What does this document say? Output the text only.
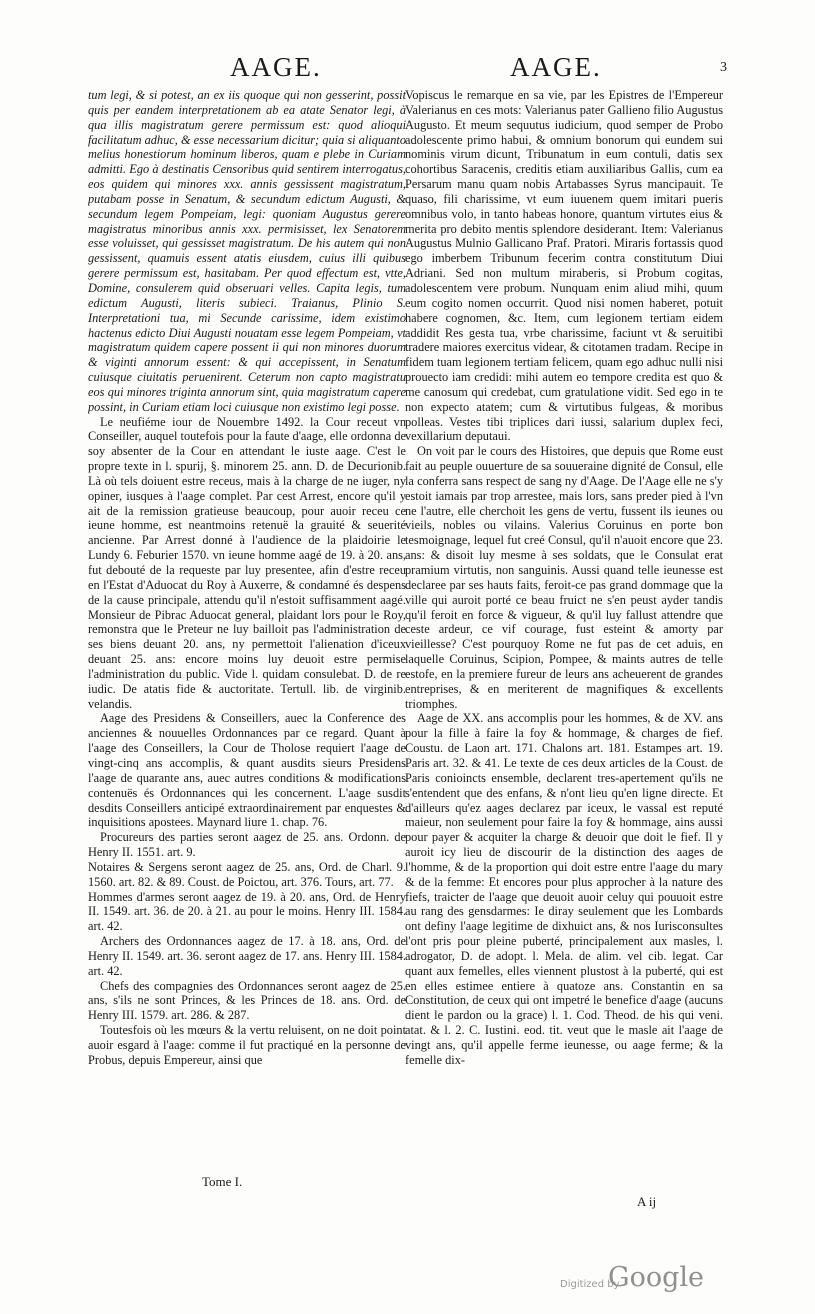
AAGE.	AAGE.	3

tum legi, & si potest, an ex iis quoque qui non gesserint, possit quis per eandem interpretationem ab ea atate Senator legi, à qua illis magistratum gerere permissum est: quod alioqui facilitatum adhuc, & esse necessarium dicitur; quia si aliquanto melius honestiorum hominum liberos, quam e plebe in Curiam admitti. Ego à destinatis Censoribus quid sentirem interrogatus, eos quidem qui minores xxx. annis gessissent magistratum, putabam posse in Senatum, & secundum edictum Augusti, & secundum legem Pompeiam, legi: quoniam Augustus gerere magistratus minoribus annis xxx. permisisset, lex Senatorem esse voluisset, qui gessisset magistratum. De his autem qui non gessissent, quamuis essent atatis eiusdem, cuius illi quibus gerere permissum est, hasitabam. Per quod effectum est, vtte, Domine, consulerem quid obseruari velles. Capita legis, tum edictum Augusti, literis subieci. Traianus, Plinio S. Interpretationi tua, mi Secunde carissime, idem existimo hactenus edicto Diui Augusti nouatam esse legem Pompeiam, vt magistratum quidem capere possent ii qui non minores duorum & viginti annorum essent: & qui accepissent, in Senatum cuiusque ciuitatis peruenirent. Ceterum non capto magistratu eos qui minores triginta annorum sint, quia magistratum capere possint, in Curiam etiam loci cuiusque non existimo legi posse.

Le neufiéme iour de Nouembre 1492. la Cour receut vn Conseiller, auquel toutefois pour la faute d'aage, elle ordonna de soy absenter de la Cour en attendant le iuste aage. C'est le propre texte in l. spurij, §. minorem 25. ann. D. de Decurionib. Là où tels doiuent estre receus, mais à la charge de ne iuger, ny opiner, iusques à l'aage complet. Par cest Arrest, encore qu'il y ait de la remission gratieuse beaucoup, pour auoir receu ce ieune homme, est neantmoins retenuë la grauité & seuerité ancienne. Par Arrest donné à l'audience de la plaidoirie le Lundy 6. Feburier 1570. vn ieune homme aagé de 19. à 20. ans, fut debouté de la requeste par luy presentee, afin d'estre receu en l'Estat d'Aduocat du Roy à Auxerre, & condamné és despens de la cause principale, attendu qu'il n'estoit suffisamment aagé. Monsieur de Pibrac Aduocat general, plaidant lors pour le Roy, remonstra que le Preteur ne luy bailloit pas l'administration de ses biens deuant 20. ans, ny permettoit l'alienation d'iceux deuant 25. ans: encore moins luy deuoit estre permise l'administration du public. Vide l. quidam consulebat. D. de re iudic. De atatis fide & auctoritate. Tertull. lib. de virginib. velandis.

Aage des Presidens & Conseillers, auec la Conference des anciennes & nouuelles Ordonnances par ce regard. Quant à l'aage des Conseillers, la Cour de Tholose requiert l'aage de vingt-cinq ans accomplis, & quant ausdits sieurs Presidens l'aage de quarante ans, auec autres conditions & modifications contenuës és Ordonnances qui les concernent. L'aage susdit desdits Conseillers anticipé extraordinairement par enquestes & inquisitions apostees. Maynard liure 1. chap. 76.

Procureurs des parties seront aagez de 25. ans. Ordonn. de Henry II. 1551. art. 9.

Notaires & Sergens seront aagez de 25. ans, Ord. de Charl. 9. 1560. art. 82. & 89. Coust. de Poictou, art. 376. Tours, art. 77.

Hommes d'armes seront aagez de 19. à 20. ans, Ord. de Henry II. 1549. art. 36. de 20. à 21. au pour le moins. Henry III. 1584. art. 42.

Archers des Ordonnances aagez de 17. à 18. ans, Ord. de Henry II. 1549. art. 36. seront aagez de 17. ans. Henry III. 1584. art. 42.

Chefs des compagnies des Ordonnances seront aagez de 25. ans, s'ils ne sont Princes, & les Princes de 18. ans. Ord. de Henry III. 1579. art. 286. & 287.

Toutesfois où les mœurs & la vertu reluisent, on ne doit point auoir esgard à l'aage: comme il fut practiqué en la personne de Probus, depuis Empereur, ainsi que

Vopiscus le remarque en sa vie, par les Epistres de l'Empereur Valerianus en ces mots: Valerianus pater Gallieno filio Augustus Augusto. Et meum sequutus iudicium, quod semper de Probo adolescente primo habui, & omnium bonorum qui eundem sui nominis virum dicunt, Tribunatum in eum contuli, datis sex cohortibus Saracenis, creditis etiam auxiliaribus Gallis, cum ea Persarum manu quam nobis Artabasses Syrus mancipauit. Te quaso, fili charissime, vt eum iuuenem quem imitari pueris omnibus volo, in tanto habeas honore, quantum virtutes eius & merita pro debito mentis splendore desiderant. Item: Valerianus Augustus Mulnio Gallicano Praf. Pratori. Miraris fortassis quod ego imberbem Tribunum fecerim contra constitutum Diui Adriani. Sed non multum miraberis, si Probum cogitas, adolescentem vere probum. Nunquam enim aliud mihi, quum eum cogito nomen occurrit. Quod nisi nomen haberet, potuit habere cognomen, &c. Item, cum legionem tertiam eidem addidit Res gesta tua, vrbe charissime, faciunt vt & seruitibi tradere maiores exercitus videar, & citotamen tradam. Recipe in fidem tuam legionem tertiam felicem, quam ego adhuc nulli nisi prouecto iam credidi: mihi autem eo tempore credita est quo & me canosum qui credebat, cum gratulatione vidit. Sed ego in te non expecto atatem; cum & virtutibus fulgeas, & moribus polleas. Vestes tibi triplices dari iussi, salarium duplex feci, vexillarium deputaui.

On voit par le cours des Histoires, que depuis que Rome eust fait au peuple ouuerture de sa souueraine dignité de Consul, elle la conferra sans respect de sang ny d'Aage. De l'Aage elle ne s'y estoit iamais par trop arrestee, mais lors, sans preder pied à l'vn ne l'autre, elle cherchoit les gens de vertu, fussent ils ieunes ou vieils, nobles ou vilains. Valerius Coruinus en porte bon tesmoignage, lequel fut creé Consul, qu'il n'auoit encore que 23. ans: & disoit luy mesme à ses soldats, que le Consulat erat pramium virtutis, non sanguinis. Aussi quand telle ieunesse est declaree par ses hauts faits, feroit-ce pas grand dommage que la ville qui auroit porté ce beau fruict ne s'en peust ayder tandis qu'il feroit en force & vigueur, & qu'il luy fallust attendre que ceste ardeur, ce vif courage, fust esteint & amorty par vieillesse? C'est pourquoy Rome ne fut pas de cet aduis, en laquelle Coruinus, Scipion, Pompee, & maints autres de telle estofe, en la premiere fureur de leurs ans acheuerent de grandes entreprises, & en meriterent de magnifiques & excellents triomphes.

Aage de XX. ans accomplis pour les hommes, & de XV. ans pour la fille à faire la foy & hommage, & charges de fief. Coustu. de Laon art. 171. Chalons art. 181. Estampes art. 19. Paris art. 32. & 41. Le texte de ces deux articles de la Coust. de Paris conioincts ensemble, declarent tres-apertement qu'ils ne s'entendent que des enfans, & n'ont lieu qu'en ligne directe. Et d'ailleurs qu'ez aages declarez par iceux, le vassal est reputé maieur, non seulement pour faire la foy & hommage, ains aussi pour payer & acquiter la charge & deuoir que doit le fief. Il y auroit icy lieu de discourir de la distinction des aages de l'homme, & de la proportion qui doit estre entre l'aage du mary & de la femme: Et encores pour plus approcher à la nature des fiefs, traicter de l'aage que deuoit auoir celuy qui pouuoit estre au rang des gensdarmes: Ie diray seulement que les Lombards ont definy l'aage legitime de dixhuict ans, & nos Iurisconsultes l'ont pris pour pleine puberté, principalement aux masles, l. adrogator, D. de adopt. l. Mela. de alim. vel cib. legat. Car quant aux femelles, elles viennent plustost à la puberté, qui est en elles estimee entiere à quatoze ans. Constantin en sa Constitution, de ceux qui ont impetré le benefice d'aage (aucuns dient le pardon ou la grace) l. 1. Cod. Theod. de his qui veni. atat. & l. 2. C. Iustini. eod. tit. veut que le masle ait l'aage de vingt ans, qu'il appelle ferme ieunesse, ou aage ferme; & la femelle dix-

Tome I.
A ij
Digitized by
Google
